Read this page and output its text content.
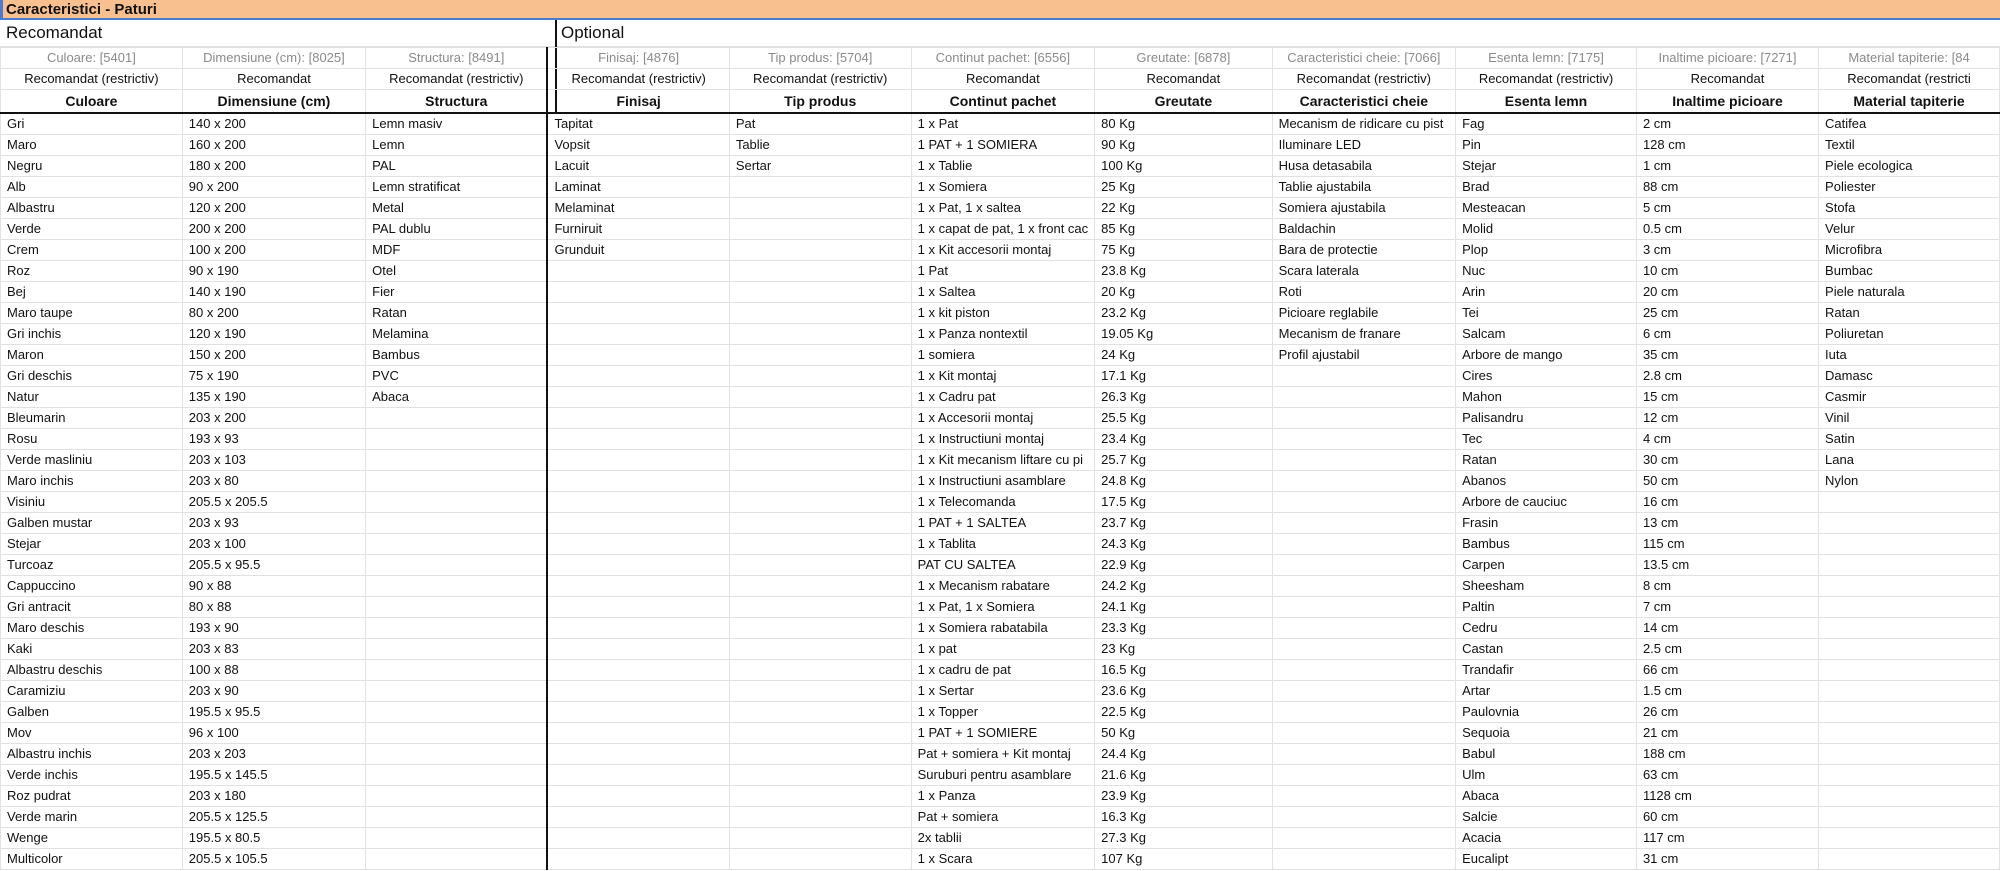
Caracteristici - Paturi
Recomandat	Optional
Culoare: [5401]	Dimensiune (cm): [8025]	Structura: [8491]	Finisaj: [4876]	Tip produs: [5704]	Continut pachet: [6556]	Greutate: [6878]	Caracteristici cheie: [7066]	Esenta lemn: [7175]	Inaltime picioare: [7271]	Material tapiterie: [84
Recomandat (restrictiv)	Recomandat	Recomandat (restrictiv)	Recomandat (restrictiv)	Recomandat (restrictiv)	Recomandat	Recomandat	Recomandat (restrictiv)	Recomandat (restrictiv)	Recomandat	Recomandat (restricti
Culoare	Dimensiune (cm)	Structura	Finisaj	Tip produs	Continut pachet	Greutate	Caracteristici cheie	Esenta lemn	Inaltime picioare	Material tapiterie
Gri	140 x 200	Lemn masiv	Tapitat	Pat	1 x Pat	80 Kg	Mecanism de ridicare cu pist	Fag	2 cm	Catifea
Maro	160 x 200	Lemn	Vopsit	Tablie	1 PAT + 1 SOMIERA	90 Kg	Iluminare LED	Pin	128 cm	Textil
Negru	180 x 200	PAL	Lacuit	Sertar	1 x Tablie	100 Kg	Husa detasabila	Stejar	1 cm	Piele ecologica
Alb	90 x 200	Lemn stratificat	Laminat		1 x Somiera	25 Kg	Tablie ajustabila	Brad	88 cm	Poliester
Albastru	120 x 200	Metal	Melaminat		1 x Pat, 1 x saltea	22 Kg	Somiera ajustabila	Mesteacan	5 cm	Stofa
Verde	200 x 200	PAL dublu	Furniruit		1 x capat de pat, 1 x front cac	85 Kg	Baldachin	Molid	0.5 cm	Velur
Crem	100 x 200	MDF	Grunduit		1 x Kit accesorii montaj	75 Kg	Bara de protectie	Plop	3 cm	Microfibra
Roz	90 x 190	Otel			1 Pat	23.8 Kg	Scara laterala	Nuc	10 cm	Bumbac
Bej	140 x 190	Fier			1 x Saltea	20 Kg	Roti	Arin	20 cm	Piele naturala
Maro taupe	80 x 200	Ratan			1 x kit piston	23.2 Kg	Picioare reglabile	Tei	25 cm	Ratan
Gri inchis	120 x 190	Melamina			1 x Panza nontextil	19.05 Kg	Mecanism de franare	Salcam	6 cm	Poliuretan
Maron	150 x 200	Bambus			1 somiera	24 Kg	Profil ajustabil	Arbore de mango	35 cm	Iuta
Gri deschis	75 x 190	PVC			1 x Kit montaj	17.1 Kg		Cires	2.8 cm	Damasc
Natur	135 x 190	Abaca			1 x Cadru pat	26.3 Kg		Mahon	15 cm	Casmir
Bleumarin	203 x 200				1 x Accesorii montaj	25.5 Kg		Palisandru	12 cm	Vinil
Rosu	193 x 93				1 x Instructiuni montaj	23.4 Kg		Tec	4 cm	Satin
Verde masliniu	203 x 103				1 x Kit mecanism liftare cu pi	25.7 Kg		Ratan	30 cm	Lana
Maro inchis	203 x 80				1 x Instructiuni asamblare	24.8 Kg		Abanos	50 cm	Nylon
Visiniu	205.5 x 205.5				1 x Telecomanda	17.5 Kg		Arbore de cauciuc	16 cm	
Galben mustar	203 x 93				1 PAT + 1 SALTEA	23.7 Kg		Frasin	13 cm	
Stejar	203 x 100				1 x Tablita	24.3 Kg		Bambus	115 cm	
Turcoaz	205.5 x 95.5				PAT CU SALTEA	22.9 Kg		Carpen	13.5 cm	
Cappuccino	90 x 88				1 x Mecanism rabatare	24.2 Kg		Sheesham	8 cm	
Gri antracit	80 x 88				1 x Pat, 1 x Somiera	24.1 Kg		Paltin	7 cm	
Maro deschis	193 x 90				1 x Somiera rabatabila	23.3 Kg		Cedru	14 cm	
Kaki	203 x 83				1 x pat	23 Kg		Castan	2.5 cm	
Albastru deschis	100 x 88				1 x cadru de pat	16.5 Kg		Trandafir	66 cm	
Caramiziu	203 x 90				1 x Sertar	23.6 Kg		Artar	1.5 cm	
Galben	195.5 x 95.5				1 x Topper	22.5 Kg		Paulovnia	26 cm	
Mov	96 x 100				1 PAT + 1 SOMIERE	50 Kg		Sequoia	21 cm	
Albastru inchis	203 x 203				Pat + somiera + Kit montaj	24.4 Kg		Babul	188 cm	
Verde inchis	195.5 x 145.5				Suruburi pentru asamblare	21.6 Kg		Ulm	63 cm	
Roz pudrat	203 x 180				1 x Panza	23.9 Kg		Abaca	1128 cm	
Verde marin	205.5 x 125.5				Pat + somiera	16.3 Kg		Salcie	60 cm	
Wenge	195.5 x 80.5				2x tablii	27.3 Kg		Acacia	117 cm	
Multicolor	205.5 x 105.5				1 x Scara	107 Kg		Eucalipt	31 cm	
